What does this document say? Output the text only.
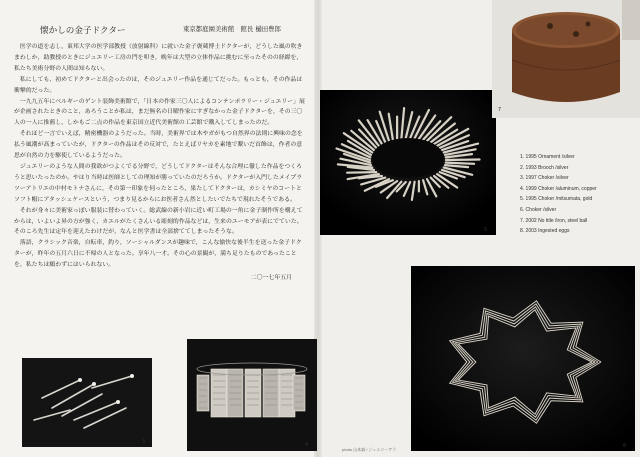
懐かしの金子ドクター	東京都庭園美術館　館長 樋田豊郎

医学の道を志し，東邦大学の医学部教授（放射線科）に就いた金子褒蔵博士ドクターが，どうした風の吹きまわしか，助教授のときにジュエリー工房の門を叩き，晩年は大型の立体作品に挑むに至ったそのの経緯を，私たち美術分野の人間は知らない。

私にしても，初めてドクターと出会ったのは，そのジュエリー作品を通じてだった。もっとも，その作品は衝撃的だった。

一九九五年にベルギーのゲント装飾美術館で，「日本の作家三〇人によるコンテンポラリー・ジュエリー」展が企画されたときのこと，あろうことか私は，まだ無名の日曜作家にすぎなかった金子ドクターを，その三〇人の一人に推薦し，しかもご二点の作品を東京国立近代美術館の工芸館で購入してしまったのだ。

それほど一言でいえば，精密機器のようだった。当時，美術界では木やガがもつ自然界の法則に興味の念を払う風潮が高まっていたが，ドクターの作品はその反対で，たとえばリヤカを素地で繋いだ首飾は，作者の意思が自然の力を駆使しているようだった。

ジュエリーのような人間の我欲がつよくでる分野で，どうしてドクターはそんな合理に徹した作品をつくろうと思いたったのか。やはり当時は医師としての理知が勝っていたのだろうか。ドクターが入門したメイプラツーアトリエの中村モトナさんに，その第一印象を伺ったところ，果たしてドクターは，カシミヤのコートとソフト帽にアタッシェケースという，つまり見るからにお医者さん然としたいでたちで現れたそうである。

それが身々に美術家っぽい服装に替わっていく。総武線の新小岩に近い町工場の一角に金子制作所を構えてからは，いよいよ昇の方が強く，カエルがたくさんいる彫刻的作品などは，生来のユーモアが表にでていた。そのころ先生は定年を迎えたわけだが，なんと医学書は全部捨ててしまったそうな。

落語，クラシック音楽，自転車，釣り，ソーシャルダンスが趣味で，こんな愉快な後半生を送った金子ドクターが，昨年の五月六日に不帰の人となった。享年八一才。その心の景観が，満ち足りたものであったことを，私たちは願わずにはいられない。

二〇一七年五月

5
7
3
4	8
1. 1995 Ornament /silver
2. 1993 Brooch /silver
3. 1997 Choker /silver
4. 1999 Choker /aluminum, copper
5. 1995 Choker /mitsumata, gold
6. Choker /silver
7. 2002 No title /iron, steel ball
8. 2003 Ingested eggs
photo 山本誠 / ジュエリーアラ
